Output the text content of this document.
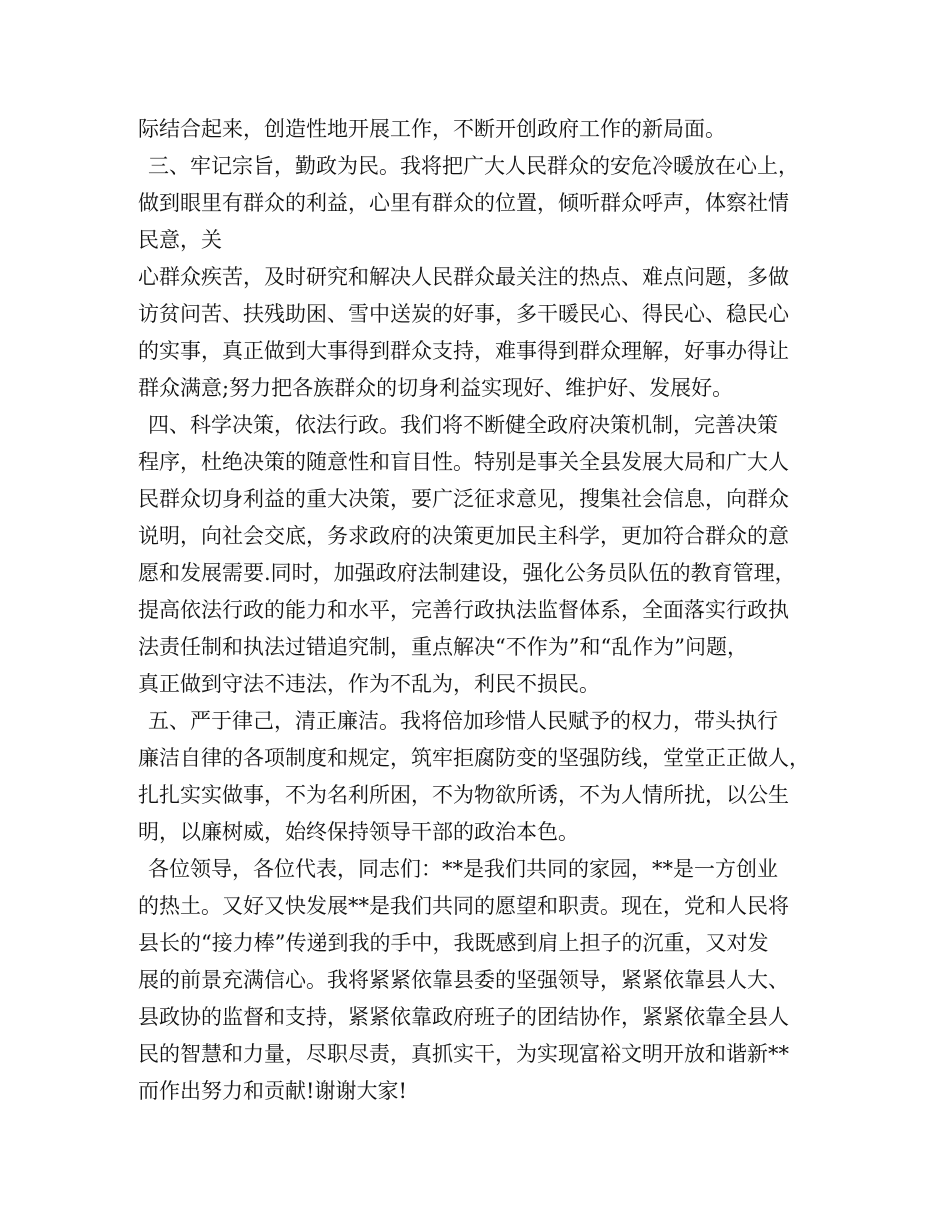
际结合起来，创造性地开展工作，不断开创政府工作的新局面。
三、牢记宗旨，勤政为民。我将把广大人民群众的安危冷暖放在心上，
做到眼里有群众的利益，心里有群众的位置，倾听群众呼声，体察社情
民意，关
心群众疾苦，及时研究和解决人民群众最关注的热点、难点问题，多做
访贫问苦、扶残助困、雪中送炭的好事，多干暖民心、得民心、稳民心
的实事，真正做到大事得到群众支持，难事得到群众理解，好事办得让
群众满意;努力把各族群众的切身利益实现好、维护好、发展好。
四、科学决策，依法行政。我们将不断健全政府决策机制，完善决策
程序，杜绝决策的随意性和盲目性。特别是事关全县发展大局和广大人
民群众切身利益的重大决策，要广泛征求意见，搜集社会信息，向群众
说明，向社会交底，务求政府的决策更加民主科学，更加符合群众的意
愿和发展需要.同时，加强政府法制建设，强化公务员队伍的教育管理，
提高依法行政的能力和水平，完善行政执法监督体系，全面落实行政执
法责任制和执法过错追究制，重点解决“不作为”和“乱作为”问题，
真正做到守法不违法，作为不乱为，利民不损民。
五、严于律己，清正廉洁。我将倍加珍惜人民赋予的权力，带头执行
廉洁自律的各项制度和规定，筑牢拒腐防变的坚强防线，堂堂正正做人，
扎扎实实做事，不为名利所困，不为物欲所诱，不为人情所扰，以公生
明，以廉树威，始终保持领导干部的政治本色。
各位领导，各位代表，同志们：**是我们共同的家园，**是一方创业
的热土。又好又快发展**是我们共同的愿望和职责。现在，党和人民将
县长的“接力棒”传递到我的手中，我既感到肩上担子的沉重，又对发
展的前景充满信心。我将紧紧依靠县委的坚强领导，紧紧依靠县人大、
县政协的监督和支持，紧紧依靠政府班子的团结协作，紧紧依靠全县人
民的智慧和力量，尽职尽责，真抓实干，为实现富裕文明开放和谐新**
而作出努力和贡献!谢谢大家!
